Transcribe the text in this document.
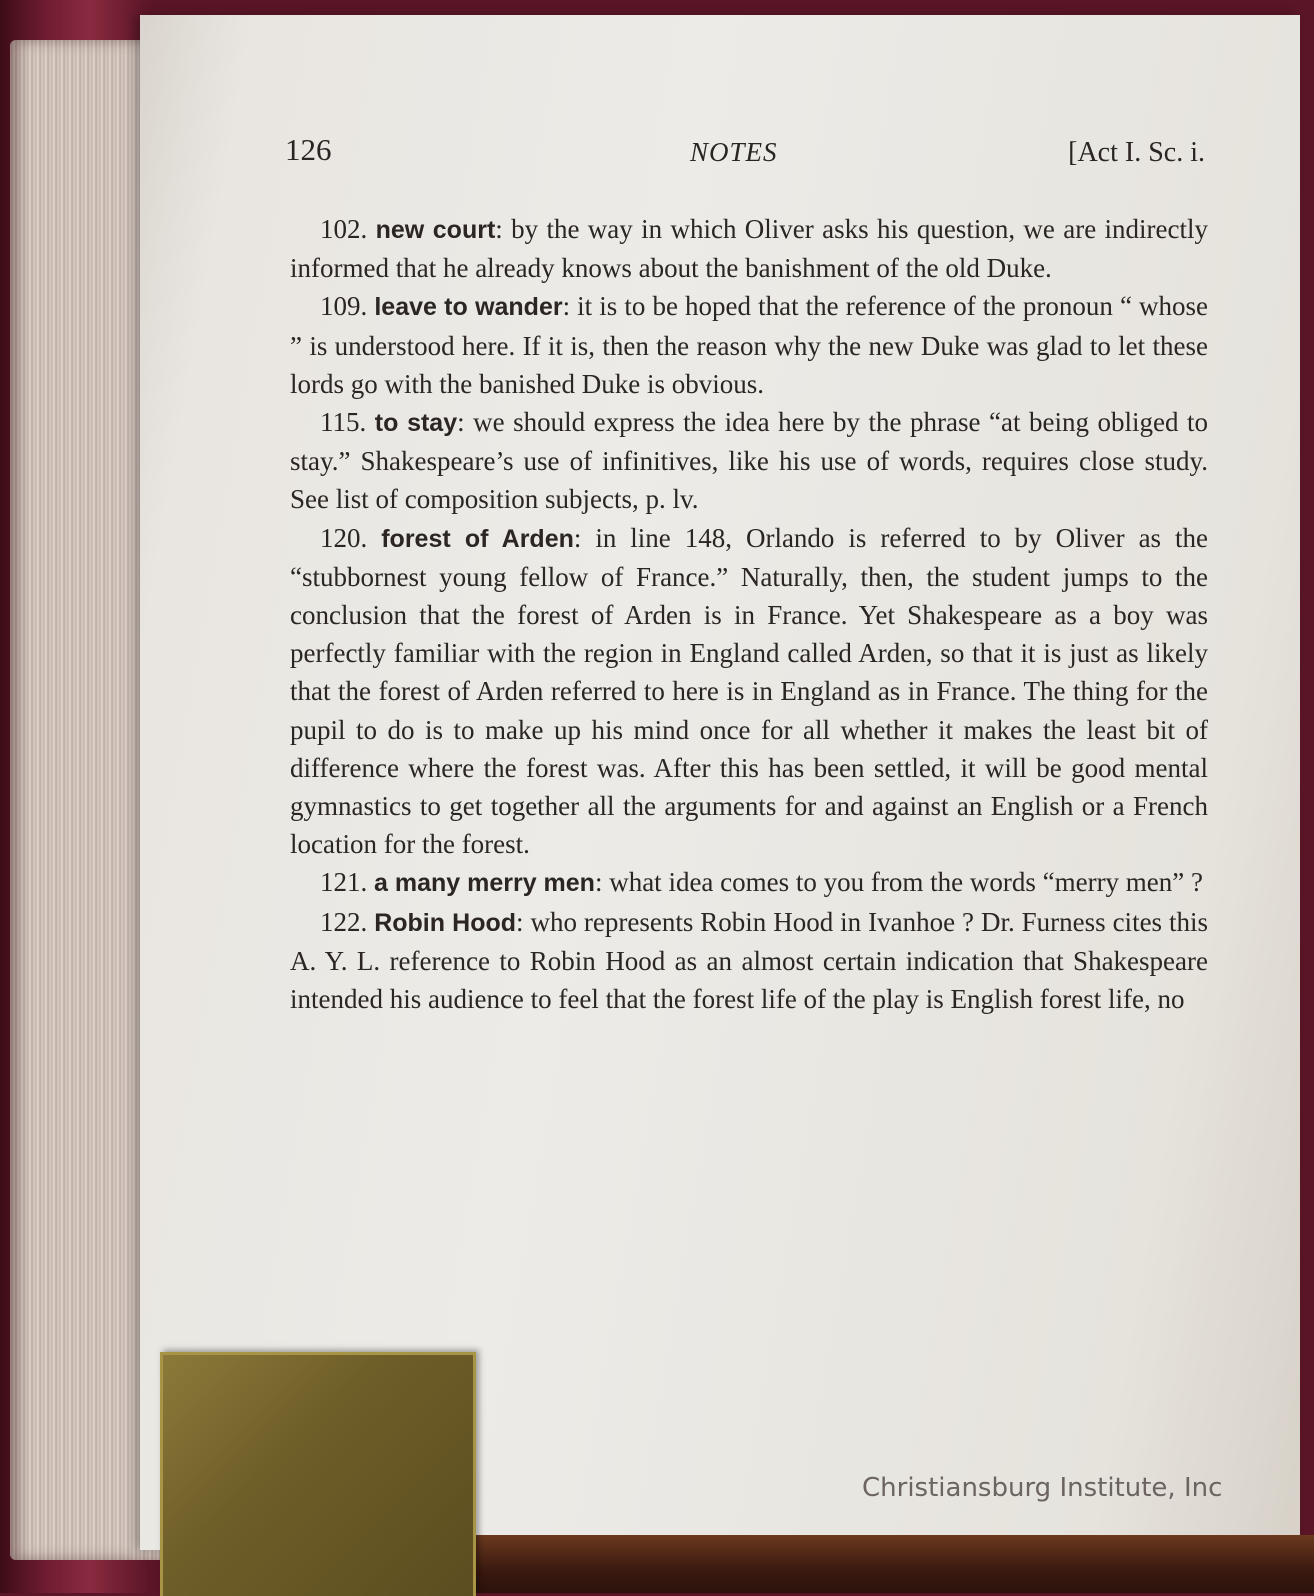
126	NOTES	[Act I. Sc. i.

102. new court: by the way in which Oliver asks his question, we are indirectly informed that he already knows about the banishment of the old Duke.

109. leave to wander: it is to be hoped that the reference of the pronoun “ whose ” is understood here. If it is, then the reason why the new Duke was glad to let these lords go with the banished Duke is obvious.

115. to stay: we should express the idea here by the phrase “at being obliged to stay.” Shakespeare’s use of infinitives, like his use of words, requires close study. See list of composition subjects, p. lv.

120. forest of Arden: in line 148, Orlando is referred to by Oliver as the “stubbornest young fellow of France.” Naturally, then, the student jumps to the conclusion that the forest of Arden is in France. Yet Shakespeare as a boy was perfectly familiar with the region in England called Arden, so that it is just as likely that the forest of Arden referred to here is in England as in France. The thing for the pupil to do is to make up his mind once for all whether it makes the least bit of difference where the forest was. After this has been settled, it will be good mental gymnastics to get together all the arguments for and against an English or a French location for the forest.

121. a many merry men: what idea comes to you from the words “merry men” ?

122. Robin Hood: who represents Robin Hood in Ivanhoe ? Dr. Furness cites this A. Y. L. reference to Robin Hood as an almost certain indication that Shakespeare intended his audience to feel that the forest life of the play is English forest life, no

Christiansburg Institute, Inc
